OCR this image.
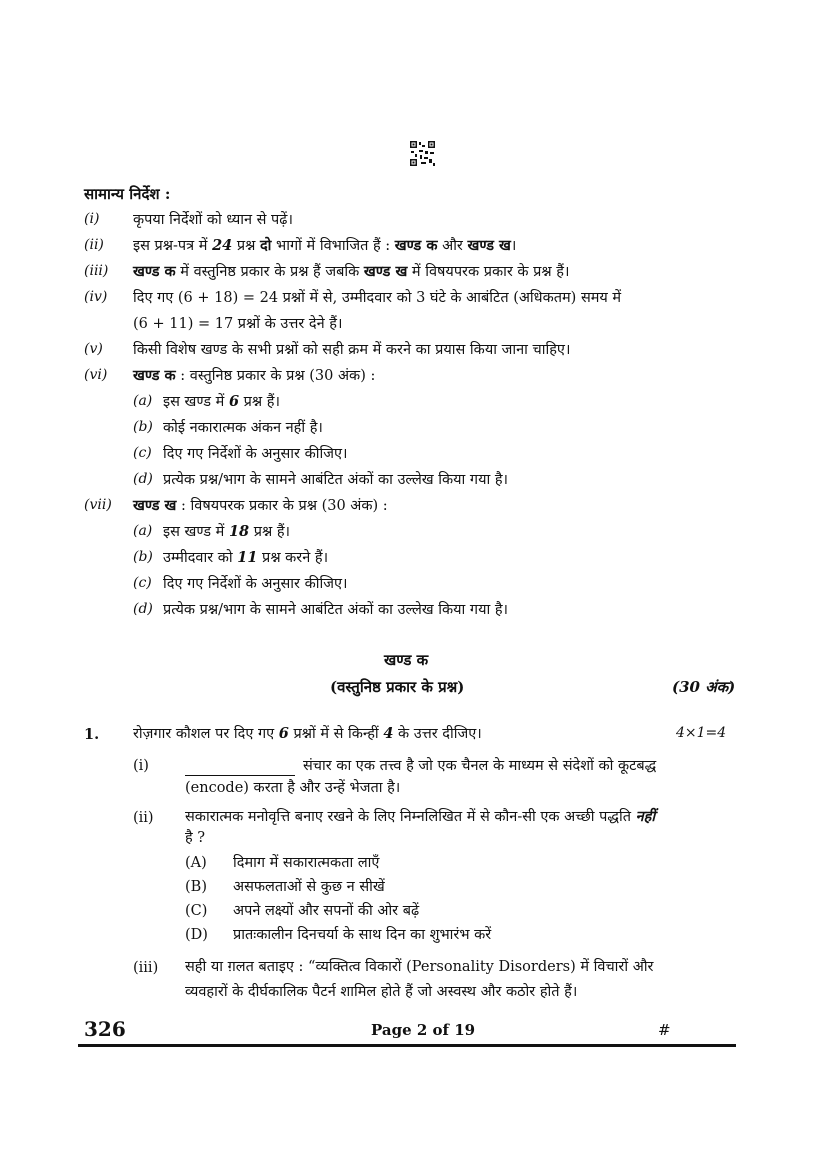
सामान्य निर्देश :
(i) कृपया निर्देशों को ध्यान से पढ़ें।
(ii) इस प्रश्न-पत्र में 24 प्रश्न दो भागों में विभाजित हैं : खण्ड क और खण्ड ख।
(iii) खण्ड क में वस्तुनिष्ठ प्रकार के प्रश्न हैं जबकि खण्ड ख में विषयपरक प्रकार के प्रश्न हैं।
(iv) दिए गए (6 + 18) = 24 प्रश्नों में से, उम्मीदवार को 3 घंटे के आबंटित (अधिकतम) समय में
(6 + 11) = 17 प्रश्नों के उत्तर देने हैं।
(v) किसी विशेष खण्ड के सभी प्रश्नों को सही क्रम में करने का प्रयास किया जाना चाहिए।
(vi) खण्ड क : वस्तुनिष्ठ प्रकार के प्रश्न (30 अंक) :
(a) इस खण्ड में 6 प्रश्न हैं।
(b) कोई नकारात्मक अंकन नहीं है।
(c) दिए गए निर्देशों के अनुसार कीजिए।
(d) प्रत्येक प्रश्न/भाग के सामने आबंटित अंकों का उल्लेख किया गया है।
(vii) खण्ड ख : विषयपरक प्रकार के प्रश्न (30 अंक) :
(a) इस खण्ड में 18 प्रश्न हैं।
(b) उम्मीदवार को 11 प्रश्न करने हैं।
(c) दिए गए निर्देशों के अनुसार कीजिए।
(d) प्रत्येक प्रश्न/भाग के सामने आबंटित अंकों का उल्लेख किया गया है।
खण्ड क
(वस्तुनिष्ठ प्रकार के प्रश्न)	(30 अंक)
1. रोज़गार कौशल पर दिए गए 6 प्रश्नों में से किन्हीं 4 के उत्तर दीजिए।	4×1=4
(i)	संचार का एक तत्त्व है जो एक चैनल के माध्यम से संदेशों को कूटबद्ध
(encode) करता है और उन्हें भेजता है।
(ii) सकारात्मक मनोवृत्ति बनाए रखने के लिए निम्नलिखित में से कौन-सी एक अच्छी पद्धति नहीं
है ?
(A) दिमाग में सकारात्मकता लाएँ
(B) असफलताओं से कुछ न सीखें
(C) अपने लक्ष्यों और सपनों की ओर बढ़ें
(D) प्रातःकालीन दिनचर्या के साथ दिन का शुभारंभ करें
(iii) सही या ग़लत बताइए : “व्यक्तित्व विकारों (Personality Disorders) में विचारों और
व्यवहारों के दीर्घकालिक पैटर्न शामिल होते हैं जो अस्वस्थ और कठोर होते हैं।
326	Page 2 of 19	#
